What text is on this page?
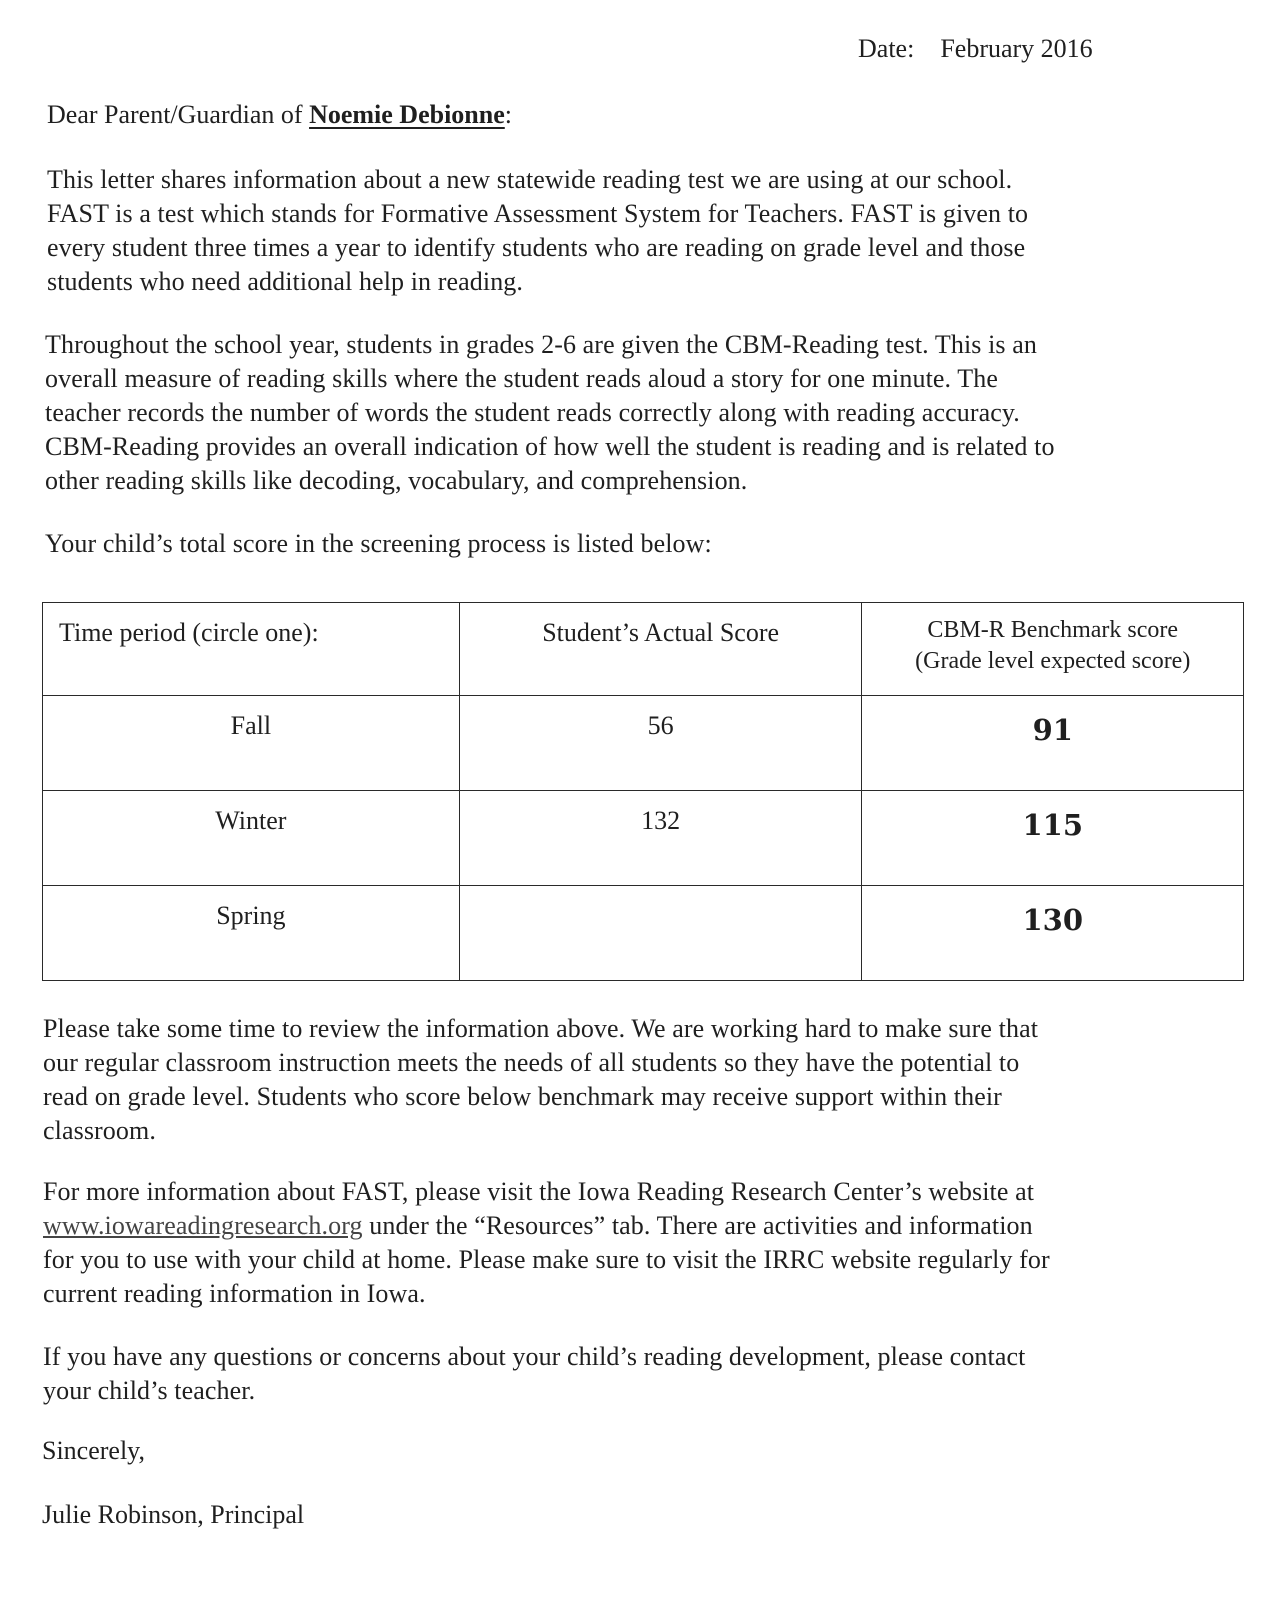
Date: February 2016
Dear Parent/Guardian of Noemie Debionne:
This letter shares information about a new statewide reading test we are using at our school.
FAST is a test which stands for Formative Assessment System for Teachers. FAST is given to
every student three times a year to identify students who are reading on grade level and those
students who need additional help in reading.
Throughout the school year, students in grades 2-6 are given the CBM-Reading test. This is an
overall measure of reading skills where the student reads aloud a story for one minute. The
teacher records the number of words the student reads correctly along with reading accuracy.
CBM-Reading provides an overall indication of how well the student is reading and is related to
other reading skills like decoding, vocabulary, and comprehension.
Your child’s total score in the screening process is listed below:
Time period (circle one):	Student’s Actual Score	CBM-R Benchmark score
(Grade level expected score)

Fall	56	91
Winter	132	115
Spring		130
Please take some time to review the information above. We are working hard to make sure that
our regular classroom instruction meets the needs of all students so they have the potential to
read on grade level. Students who score below benchmark may receive support within their
classroom.
For more information about FAST, please visit the Iowa Reading Research Center’s website at
www.iowareadingresearch.org under the “Resources” tab. There are activities and information
for you to use with your child at home. Please make sure to visit the IRRC website regularly for
current reading information in Iowa.
If you have any questions or concerns about your child’s reading development, please contact
your child’s teacher.
Sincerely,
Julie Robinson, Principal
